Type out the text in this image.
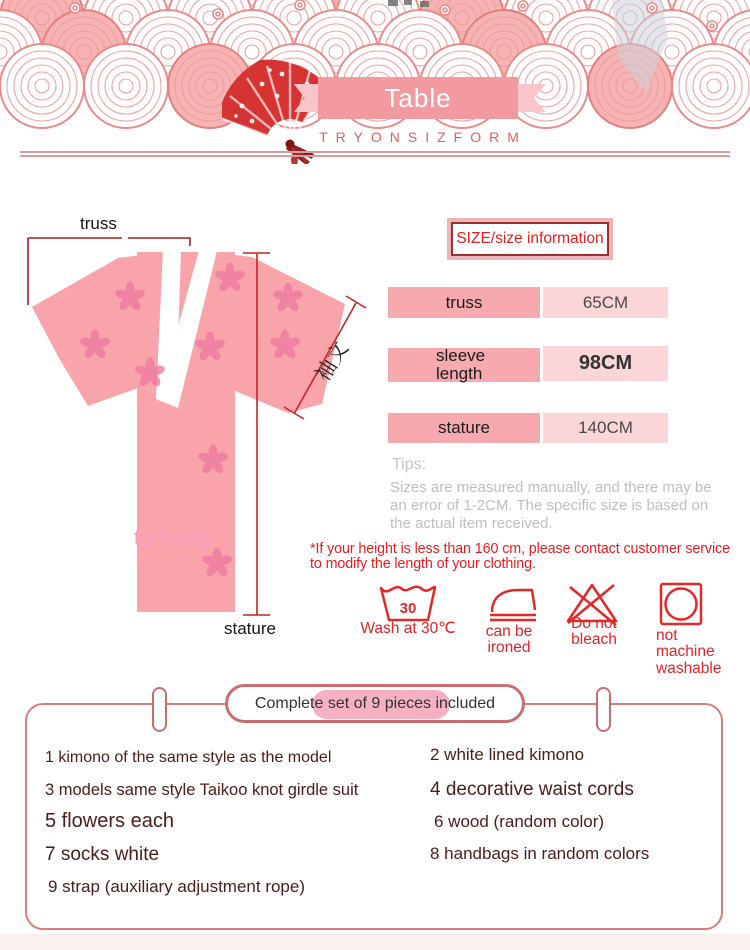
Table
TRYONSIZFORM
truss
stature
袖文
to hang
SIZE/size information
truss	65CM
sleeve length	98CM
stature	140CM
Tips:
Sizes are measured manually, and there may be an error of 1-2CM. The specific size is based on the actual item received.
*If your height is less than 160 cm, please contact customer service to modify the length of your clothing.
30
Wash at 30℃	can be ironed
Do not bleach	not machine washable
Complete set of 9 pieces included
1 kimono of the same style as the model
3 models same style Taikoo knot girdle suit
5 flowers each
7 socks white
9 strap (auxiliary adjustment rope)
2 white lined kimono
4 decorative waist cords
6 wood (random color)
8 handbags in random colors
